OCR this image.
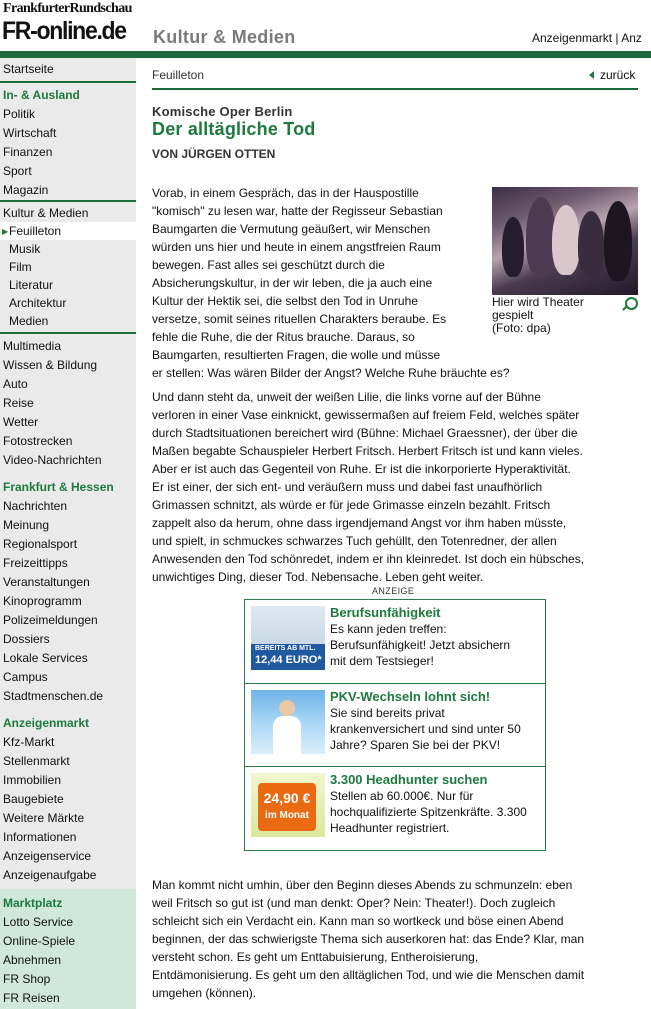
FrankfurterRundschau
FR-online.de Kultur & Medien	Anzeigenmarkt | Anz
Startseite
In- & Ausland
Politik
Wirtschaft
Finanzen
Sport
Magazin
Kultur & Medien
▶ Feuilleton
Musik
Film
Literatur
Architektur
Medien
Multimedia
Wissen & Bildung
Auto
Reise
Wetter
Fotostrecken
Video-Nachrichten
Frankfurt & Hessen
Nachrichten
Meinung
Regionalsport
Freizeittipps
Veranstaltungen
Kinoprogramm
Polizeimeldungen
Dossiers
Lokale Services
Campus
Stadtmenschen.de
Anzeigenmarkt
Kfz-Markt
Stellenmarkt
Immobilien
Baugebiete
Weitere Märkte
Informationen
Anzeigenservice
Anzeigenaufgabe
Marktplatz
Lotto Service
Online-Spiele
Abnehmen
FR Shop
FR Reisen
Feuilleton	zurück
Komische Oper Berlin
Der alltägliche Tod
VON JÜRGEN OTTEN

Vorab, in einem Gespräch, das in der Hauspostille
"komisch" zu lesen war, hatte der Regisseur Sebastian
Baumgarten die Vermutung geäußert, wir Menschen
würden uns hier und heute in einem angstfreien Raum
bewegen. Fast alles sei geschützt durch die
Absicherungskultur, in der wir leben, die ja auch eine
Kultur der Hektik sei, die selbst den Tod in Unruhe
versetze, somit seines rituellen Charakters beraube. Es
fehle die Ruhe, die der Ritus brauche. Daraus, so
Baumgarten, resultierten Fragen, die wolle und müsse
er stellen: Was wären Bilder der Angst? Welche Ruhe bräuchte es?

Hier wird Theater
gespielt
(Foto: dpa)

Und dann steht da, unweit der weißen Lilie, die links vorne auf der Bühne
verloren in einer Vase einknickt, gewissermaßen auf freiem Feld, welches später
durch Stadtsituationen bereichert wird (Bühne: Michael Graessner), der über die
Maßen begabte Schauspieler Herbert Fritsch. Herbert Fritsch ist und kann vieles.
Aber er ist auch das Gegenteil von Ruhe. Er ist die inkorporierte Hyperaktivität.
Er ist einer, der sich ent- und veräußern muss und dabei fast unaufhörlich
Grimassen schnitzt, als würde er für jede Grimasse einzeln bezahlt. Fritsch
zappelt also da herum, ohne dass irgendjemand Angst vor ihm haben müsste,
und spielt, in schmuckes schwarzes Tuch gehüllt, den Totenredner, der allen
Anwesenden den Tod schönredet, indem er ihn kleinredet. Ist doch ein hübsches,
unwichtiges Ding, dieser Tod. Nebensache. Leben geht weiter.

ANZEIGE
BEREITS AB MTL.
12,44 EURO*
Berufsunfähigkeit

Es kann jeden treffen:
Berufsunfähigkeit! Jetzt absichern
mit dem Testsieger!

PKV-Wechseln lohnt sich!

Sie sind bereits privat
krankenversichert und sind unter 50
Jahre? Sparen Sie bei der PKV!

24,90 €
im Monat
3.300 Headhunter suchen

Stellen ab 60.000€. Nur für
hochqualifizierte Spitzenkräfte. 3.300
Headhunter registriert.

Man kommt nicht umhin, über den Beginn dieses Abends zu schmunzeln: eben
weil Fritsch so gut ist (und man denkt: Oper? Nein: Theater!). Doch zugleich
schleicht sich ein Verdacht ein. Kann man so wortkeck und böse einen Abend
beginnen, der das schwierigste Thema sich auserkoren hat: das Ende? Klar, man
versteht schon. Es geht um Enttabuisierung, Entheroisierung,
Entdämonisierung. Es geht um den alltäglichen Tod, und wie die Menschen damit
umgehen (können).
